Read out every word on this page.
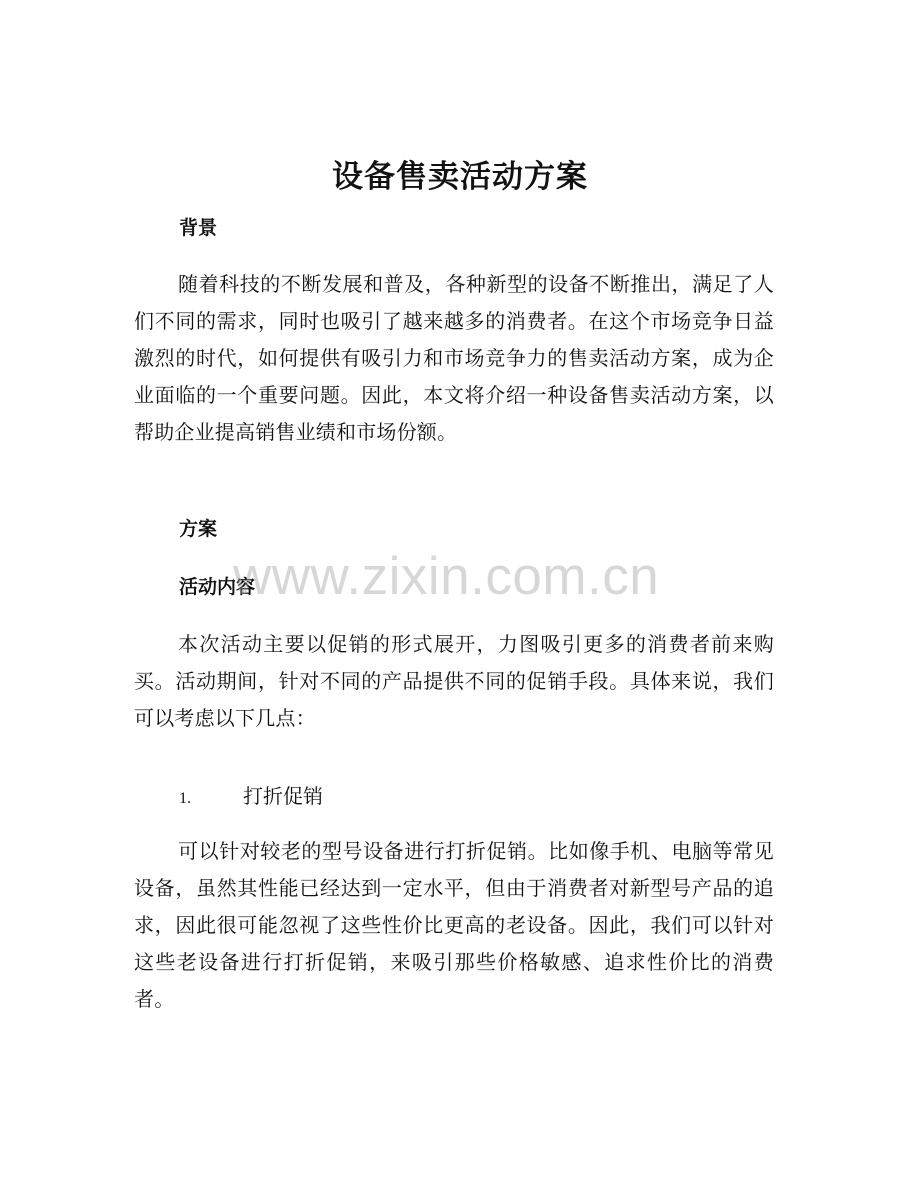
设备售卖活动方案
背景
随着科技的不断发展和普及，各种新型的设备不断推出，满足了人们不同的需求，同时也吸引了越来越多的消费者。在这个市场竞争日益激烈的时代，如何提供有吸引力和市场竞争力的售卖活动方案，成为企业面临的一个重要问题。因此，本文将介绍一种设备售卖活动方案，以帮助企业提高销售业绩和市场份额。
方案
活动内容
本次活动主要以促销的形式展开，力图吸引更多的消费者前来购买。活动期间，针对不同的产品提供不同的促销手段。具体来说，我们可以考虑以下几点：
1.	打折促销
可以针对较老的型号设备进行打折促销。比如像手机、电脑等常见设备，虽然其性能已经达到一定水平，但由于消费者对新型号产品的追求，因此很可能忽视了这些性价比更高的老设备。因此，我们可以针对这些老设备进行打折促销，来吸引那些价格敏感、追求性价比的消费者。
www.zixin.com.cn
